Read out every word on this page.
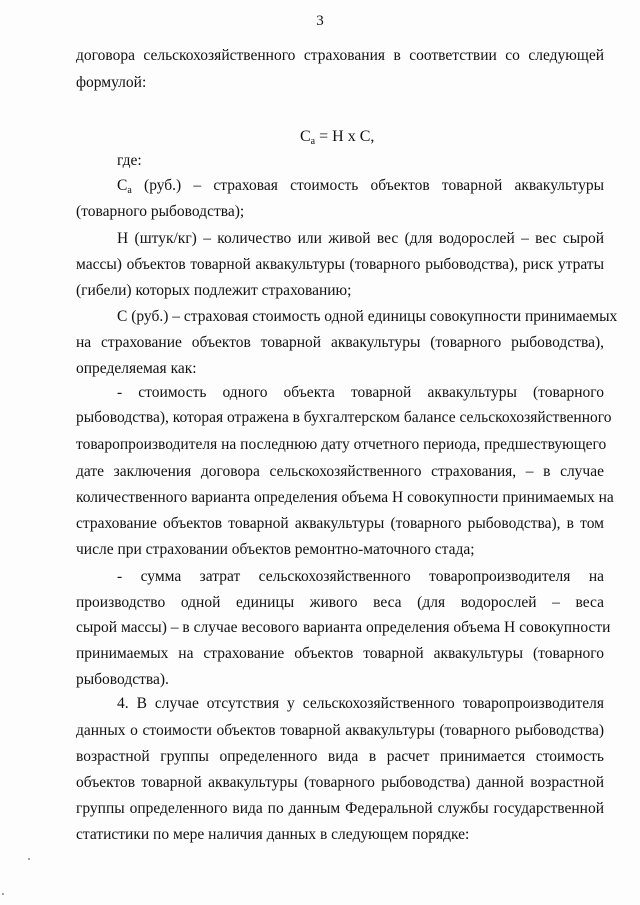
3
договора сельскохозяйственного страхования в соответствии со следующей
формулой:
$С_а = Н$ х С,
где:
$С_а$ (руб.) – страховая стоимость объектов товарной аквакультуры
(товарного рыбоводства);
Н (штук/кг) – количество или живой вес (для водорослей – вес сырой
массы) объектов товарной аквакультуры (товарного рыбоводства), риск утраты
(гибели) которых подлежит страхованию;
С (руб.) – страховая стоимость одной единицы совокупности принимаемых
на страхование объектов товарной аквакультуры (товарного рыбоводства),
определяемая как:
- стоимость одного объекта товарной аквакультуры (товарного
рыбоводства), которая отражена в бухгалтерском балансе сельскохозяйственного
товаропроизводителя на последнюю дату отчетного периода, предшествующего
дате заключения договора сельскохозяйственного страхования, – в случае
количественного варианта определения объема Н совокупности принимаемых на
страхование объектов товарной аквакультуры (товарного рыбоводства), в том
числе при страховании объектов ремонтно-маточного стада;
- сумма затрат сельскохозяйственного товаропроизводителя на
производство одной единицы живого веса (для водорослей – веса
сырой массы) – в случае весового варианта определения объема Н совокупности
принимаемых на страхование объектов товарной аквакультуры (товарного
рыбоводства).
4. В случае отсутствия у сельскохозяйственного товаропроизводителя
данных о стоимости объектов товарной аквакультуры (товарного рыбоводства)
возрастной группы определенного вида в расчет принимается стоимость
объектов товарной аквакультуры (товарного рыбоводства) данной возрастной
группы определенного вида по данным Федеральной службы государственной
статистики по мере наличия данных в следующем порядке:
